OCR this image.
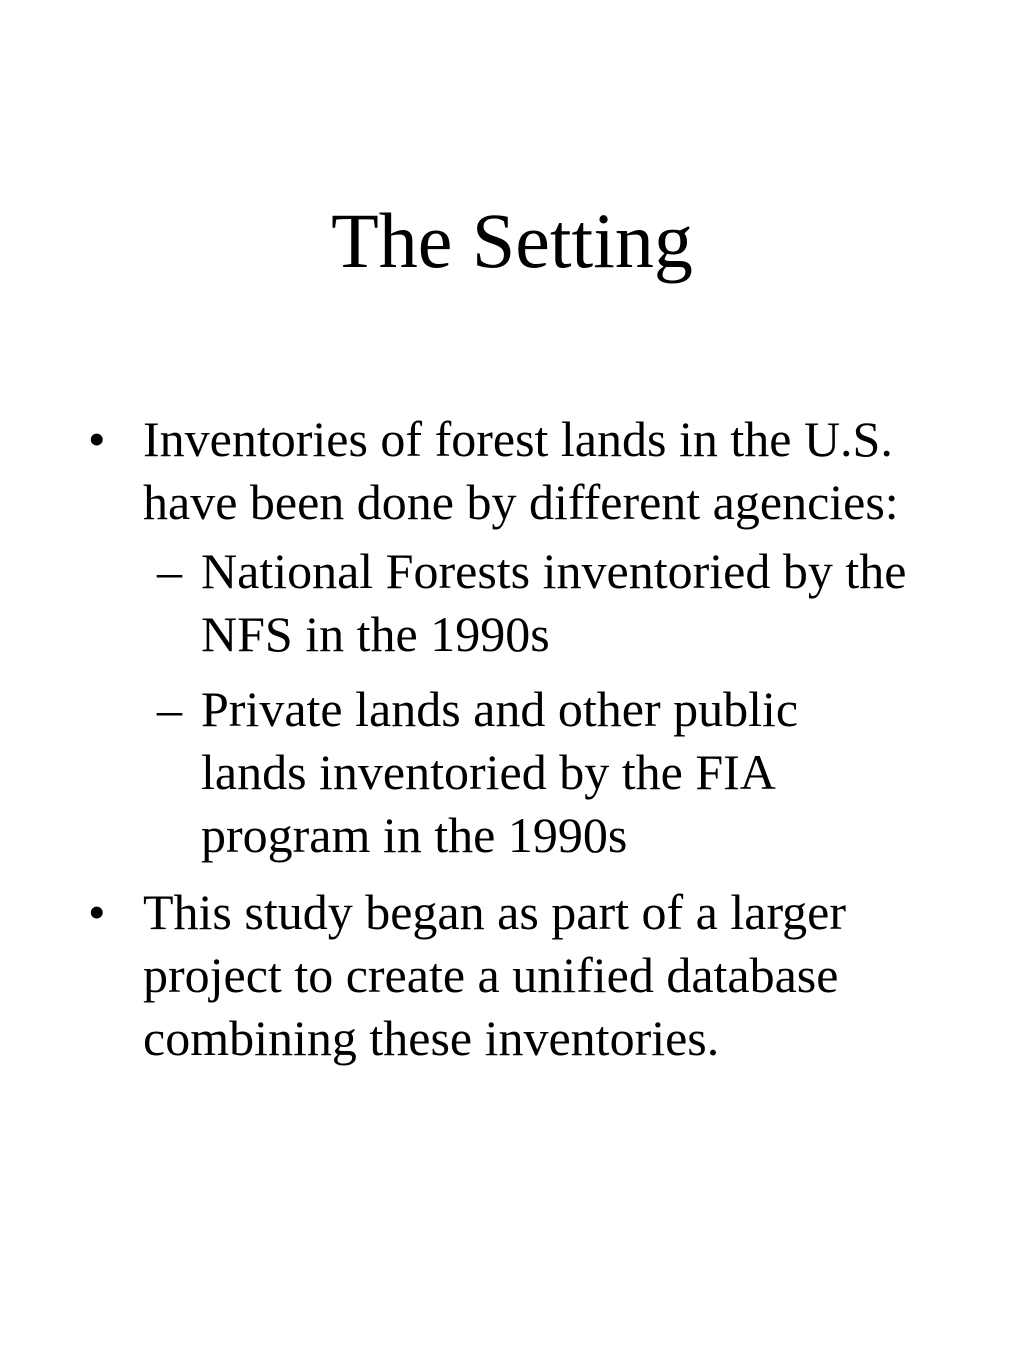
The Setting
• Inventories of forest lands in the U.S. have been done by different agencies:
– National Forests inventoried by the NFS in the 1990s
– Private lands and other public lands inventoried by the FIA program in the 1990s
• This study began as part of a larger project to create a unified database combining these inventories.
